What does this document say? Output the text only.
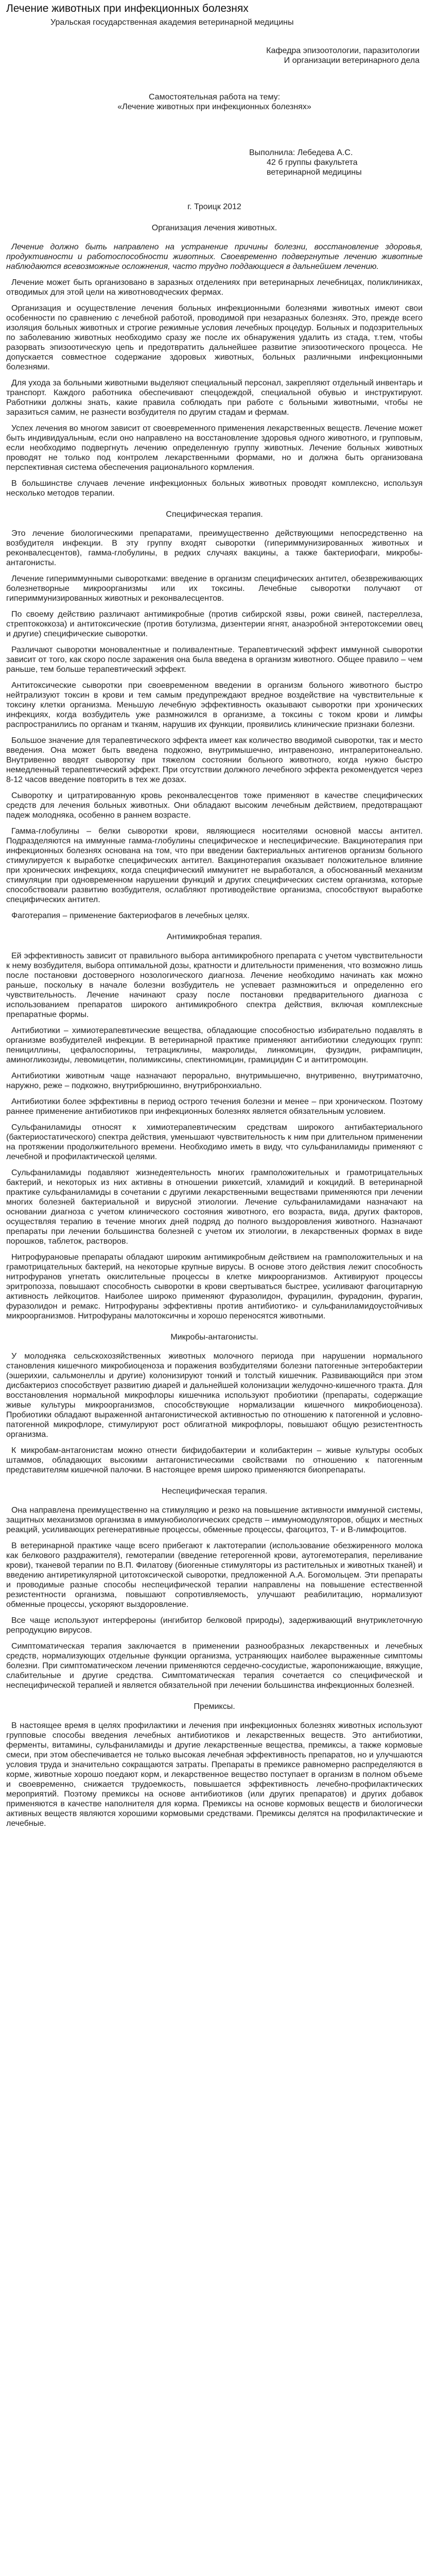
Лечение животных при инфекционных болезнях
Уральская государственная академия ветеринарной медицины
Кафедра эпизоотологии, паразитологии
И организации ветеринарного дела
Самостоятельная работа на тему:
«Лечение животных при инфекционных болезнях»
Выполнила: Лебедева А.С.
42 б группы факультета
ветеринарной медицины
г. Троицк 2012
Организация лечения животных.

Лечение должно быть направлено на устранение причины болезни, восстановление здоровья, продуктивности и работоспособности животных. Своевременно подвергнутые лечению животные наблюдаются всевозможные осложнения, часто трудно поддающиеся в дальнейшем лечению.

Лечение может быть организовано в заразных отделениях при ветеринарных лечебницах, поликлиниках, отводимых для этой цели на животноводческих фермах.

Организация и осуществление лечения больных инфекционными болезнями животных имеют свои особенности по сравнению с лечебной работой, проводимой при незаразных болезнях. Это, прежде всего изоляция больных животных и строгие режимные условия лечебных процедур. Больных и подозрительных по заболеванию животных необходимо сразу же после их обнаружения удалить из стада, т.тем, чтобы разорвать эпизоотическую цепь и предотвратить дальнейшее развитие эпизоотического процесса. Не допускается совместное содержание здоровых животных, больных различными инфекционными болезнями.

Для ухода за больными животными выделяют специальный персонал, закрепляют отдельный инвентарь и транспорт. Каждого работника обеспечивают спецодеждой, специальной обувью и инструктируют. Работники должны знать, какие правила соблюдать при работе с больными животными, чтобы не заразиться самим, не разнести возбудителя по другим стадам и фермам.

Успех лечения во многом зависит от своевременного применения лекарственных веществ. Лечение может быть индивидуальным, если оно направлено на восстановление здоровья одного животного, и групповым, если необходимо подвергнуть лечению определенную группу животных. Лечение больных животных проводят не только под контролем лекарственными формами, но и должна быть организована перспективная система обеспечения рационального кормления.

В большинстве случаев лечение инфекционных больных животных проводят комплексно, используя несколько методов терапии.

Специфическая терапия.

Это лечение биологическими препаратами, преимущественно действующими непосредственно на возбудителя инфекции. В эту группу входят сыворотки (гипериммунизированных животных и реконвалесцентов), гамма-глобулины, в редких случаях вакцины, а также бактериофаги, микробы-антагонисты.

Лечение гипериммунными сыворотками: введение в организм специфических антител, обезвреживающих болезнетворные микроорганизмы или их токсины. Лечебные сыворотки получают от гипериммунизированных животных и реконвалесцентов.

По своему действию различают антимикробные (против сибирской язвы, рожи свиней, пастереллеза, стрептококкоза) и антитоксические (против ботулизма, дизентерии ягнят, анаэробной энтеротоксемии овец и другие) специфические сыворотки.

Различают сыворотки моновалентные и поливалентные. Терапевтический эффект иммунной сыворотки зависит от того, как скоро после заражения она была введена в организм животного. Общее правило – чем раньше, тем больше терапевтический эффект.

Антитоксические сыворотки при своевременном введении в организм больного животного быстро нейтрализуют токсин в крови и тем самым предупреждают вредное воздействие на чувствительные к токсину клетки организма. Меньшую лечебную эффективность оказывают сыворотки при хронических инфекциях, когда возбудитель уже размножился в организме, а токсины с током крови и лимфы распространились по органам и тканям, нарушив их функции, проявились клинические признаки болезни.

Большое значение для терапевтического эффекта имеет как количество вводимой сыворотки, так и место введения. Она может быть введена подкожно, внутримышечно, интравенозно, интраперитонеально. Внутривенно вводят сыворотку при тяжелом состоянии больного животного, когда нужно быстро немедленный терапевтический эффект. При отсутствии должного лечебного эффекта рекомендуется через 8-12 часов введение повторить в тех же дозах.

Сыворотку и цитратированную кровь реконвалесцентов тоже применяют в качестве специфических средств для лечения больных животных. Они обладают высоким лечебным действием, предотвращают падеж молодняка, особенно в раннем возрасте.

Гамма-глобулины – белки сыворотки крови, являющиеся носителями основной массы антител. Подразделяются на иммунные гамма-глобулины специфическое и неспецифические. Вакцинотерапия при инфекционных болезнях основана на том, что при введении бактериальных антигенов организм больного стимулируется к выработке специфических антител. Вакцинотерапия оказывает положительное влияние при хронических инфекциях, когда специфический иммунитет не выработался, а обоснованный механизм стимуляции при одновременном нарушении функций и других специфических систем организма, которые способствовали развитию возбудителя, ослабляют противодействие организма, способствуют выработке специфических антител.

Фаготерапия – применение бактериофагов в лечебных целях.

Антимикробная терапия.

Ей эффективность зависит от правильного выбора антимикробного препарата с учетом чувствительности к нему возбудителя, выбора оптимальной дозы, кратности и длительности применения, что возможно лишь после постановки достоверного нозологического диагноза. Лечение необходимо начинать как можно раньше, поскольку в начале болезни возбудитель не успевает размножиться и определенно его чувствительность. Лечение начинают сразу после постановки предварительного диагноза с использованием препаратов широкого антимикробного спектра действия, включая комплексные препаратные формы.

Антибиотики – химиотерапевтические вещества, обладающие способностью избирательно подавлять в организме возбудителей инфекции. В ветеринарной практике применяют антибиотики следующих групп: пенициллины, цефалоспорины, тетрациклины, макролиды, линкомицин, фузидин, рифампицин, аминогликозиды, левомицетин, полимиксины, спектиномицин, грамицидин С и антитромоцин.

Антибиотики животным чаще назначают перорально, внутримышечно, внутривенно, внутриматочно, наружно, реже – подкожно, внутрибрюшинно, внутрибронхиально.

Антибиотики более эффективны в период острого течения болезни и менее – при хроническом. Поэтому раннее применение антибиотиков при инфекционных болезнях является обязательным условием.

Сульфаниламиды относят к химиотерапевтическим средствам широкого антибактериального (бактериостатического) спектра действия, уменьшают чувствительность к ним при длительном применении на протяжении продолжительного времени. Необходимо иметь в виду, что сульфаниламиды применяют с лечебной и профилактической целями.

Сульфаниламиды подавляют жизнедеятельность многих грамположительных и грамотрицательных бактерий, и некоторых из них активны в отношении риккетсий, хламидий и кокцидий. В ветеринарной практике сульфаниламиды в сочетании с другими лекарственными веществами применяются при лечении многих болезней бактериальной и вирусной этиологии. Лечение сульфаниламидами назначают на основании диагноза с учетом клинического состояния животного, его возраста, вида, других факторов, осуществляя терапию в течение многих дней подряд до полного выздоровления животного. Назначают препараты при лечении большинства болезней с учетом их этиологии, в лекарственных формах в виде порошков, таблеток, растворов.

Нитрофурановые препараты обладают широким антимикробным действием на грамположительных и на грамотрицательных бактерий, на некоторые крупные вирусы. В основе этого действия лежит способность нитрофуранов угнетать окислительные процессы в клетке микроорганизмов. Активируют процессы эритропоэза, повышают способность сыворотки в крови свертываться быстрее, усиливают фагоцитарную активность лейкоцитов. Наиболее широко применяют фуразолидон, фурацилин, фурадонин, фурагин, фуразолидон и ремакс. Нитрофураны эффективны против антибиотико- и сульфаниламидоустойчивых микроорганизмов. Нитрофураны малотоксичны и хорошо переносятся животными.

Микробы-антагонисты.

У молодняка сельскохозяйственных животных молочного периода при нарушении нормального становления кишечного микробиоценоза и поражения возбудителями болезни патогенные энтеробактерии (эшерихии, сальмонеллы и другие) колонизируют тонкий и толстый кишечник. Развивающийся при этом дисбактериоз способствует развитию диарей и дальнейшей колонизации желудочно-кишечного тракта. Для восстановления нормальной микрофлоры кишечника используют пробиотики (препараты, содержащие живые культуры микроорганизмов, способствующие нормализации кишечного микробиоценоза). Пробиотики обладают выраженной антагонистической активностью по отношению к патогенной и условно-патогенной микрофлоре, стимулируют рост облигатной микрофлоры, повышают общую резистентность организма.

К микробам-антагонистам можно отнести бифидобактерии и колибактерин – живые культуры особых штаммов, обладающих высокими антагонистическими свойствами по отношению к патогенным представителям кишечной палочки. В настоящее время широко применяются биопрепараты.

Неспецифическая терапия.

Она направлена преимущественно на стимуляцию и резко на повышение активности иммунной системы, защитных механизмов организма в иммунобиологических средств – иммуномодуляторов, общих и местных реакций, усиливающих регенеративные процессы, обменные процессы, фагоцитоз, Т- и В-лимфоцитов.

В ветеринарной практике чаще всего прибегают к лактотерапии (использование обезжиренного молока как белкового раздражителя), гемотерапии (введение гетерогенной крови, аутогемотерапия, переливание крови), тканевой терапии по В.П. Филатову (биогенные стимуляторы из растительных и животных тканей) и введению антиретикулярной цитотоксической сыворотки, предложенной А.А. Богомольцем. Эти препараты и проводимые разные способы неспецифической терапии направлены на повышение естественной резистентности организма, повышают сопротивляемость, улучшают реабилитацию, нормализуют обменные процессы, ускоряют выздоровление.

Все чаще используют интерфероны (ингибитор белковой природы), задерживающий внутриклеточную репродукцию вирусов.

Симптоматическая терапия заключается в применении разнообразных лекарственных и лечебных средств, нормализующих отдельные функции организма, устраняющих наиболее выраженные симптомы болезни. При симптоматическом лечении применяются сердечно-сосудистые, жаропонижающие, вяжущие, слабительные и другие средства. Симптоматическая терапия сочетается со специфической и неспецифической терапией и является обязательной при лечении большинства инфекционных болезней.

Премиксы.

В настоящее время в целях профилактики и лечения при инфекционных болезнях животных используют групповые способы введения лечебных антибиотиков и лекарственных веществ. Это антибиотики, ферменты, витамины, сульфаниламиды и другие лекарственные вещества, премиксы, а также кормовые смеси, при этом обеспечивается не только высокая лечебная эффективность препаратов, но и улучшаются условия труда и значительно сокращаются затраты. Препараты в премиксе равномерно распределяются в корме, животные хорошо поедают корм, и лекарственное вещество поступает в организм в полном объеме и своевременно, снижается трудоемкость, повышается эффективность лечебно-профилактических мероприятий. Поэтому премиксы на основе антибиотиков (или других препаратов) и других добавок применяются в качестве наполнителя для корма. Премиксы на основе кормовых веществ и биологически активных веществ являются хорошими кормовыми средствами. Премиксы делятся на профилактические и лечебные.
